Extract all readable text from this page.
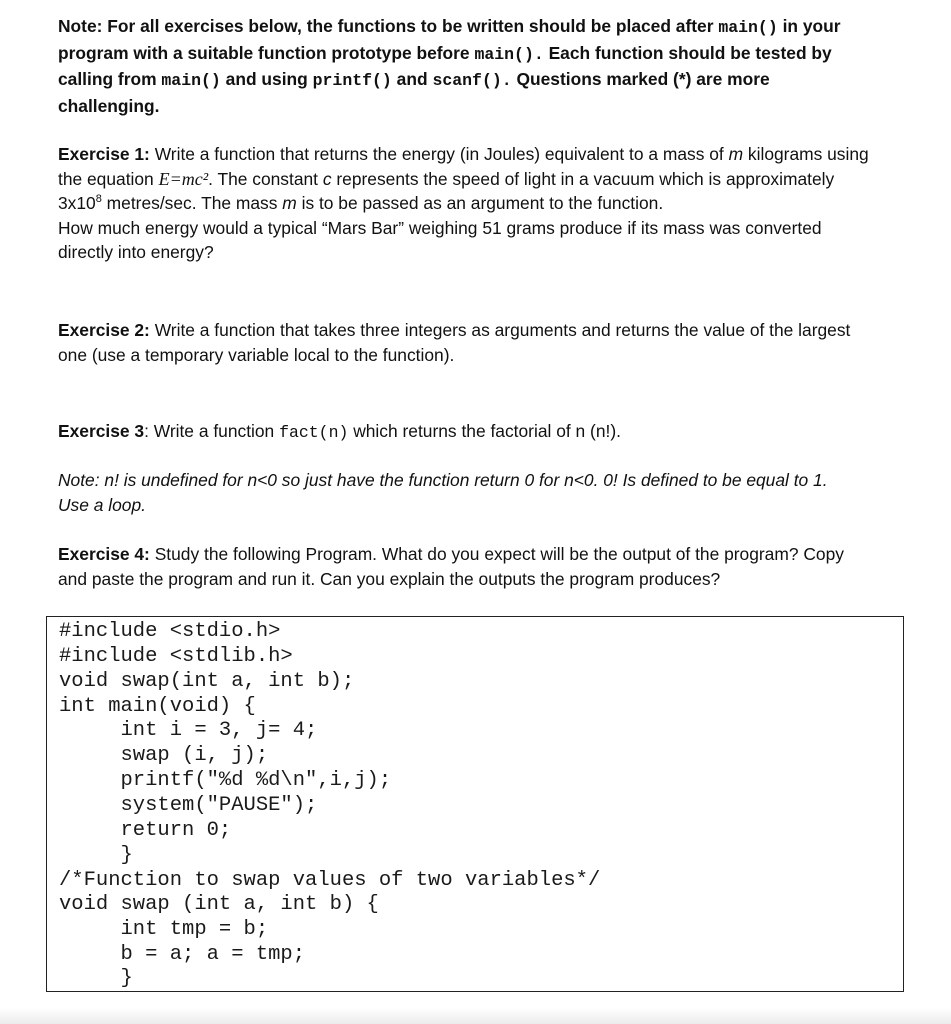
Note: For all exercises below, the functions to be written should be placed after main() in your

program with a suitable function prototype before main(). Each function should be tested by

calling from main() and using printf() and scanf(). Questions marked (*) are more

challenging.

Exercise 1: Write a function that returns the energy (in Joules) equivalent to a mass of m kilograms using

the equation E=mc². The constant c represents the speed of light in a vacuum which is approximately

$3x10^8$ metres/sec. The mass m is to be passed as an argument to the function.

How much energy would a typical “Mars Bar” weighing 51 grams produce if its mass was converted

directly into energy?

Exercise 2: Write a function that takes three integers as arguments and returns the value of the largest

one (use a temporary variable local to the function).

Exercise 3: Write a function fact(n) which returns the factorial of n (n!).

Note: n! is undefined for n<0 so just have the function return 0 for n<0. 0! Is defined to be equal to 1.

Use a loop.

Exercise 4: Study the following Program. What do you expect will be the output of the program? Copy

and paste the program and run it. Can you explain the outputs the program produces?

#include <stdio.h>
#include <stdlib.h>
void swap(int a, int b);
int main(void) {
int i = 3, j= 4;
swap (i, j);
printf("%d %d\n",i,j);
system("PAUSE");
return 0;
}
/*Function to swap values of two variables*/
void swap (int a, int b) {
int tmp = b;
b = a; a = tmp;
}
